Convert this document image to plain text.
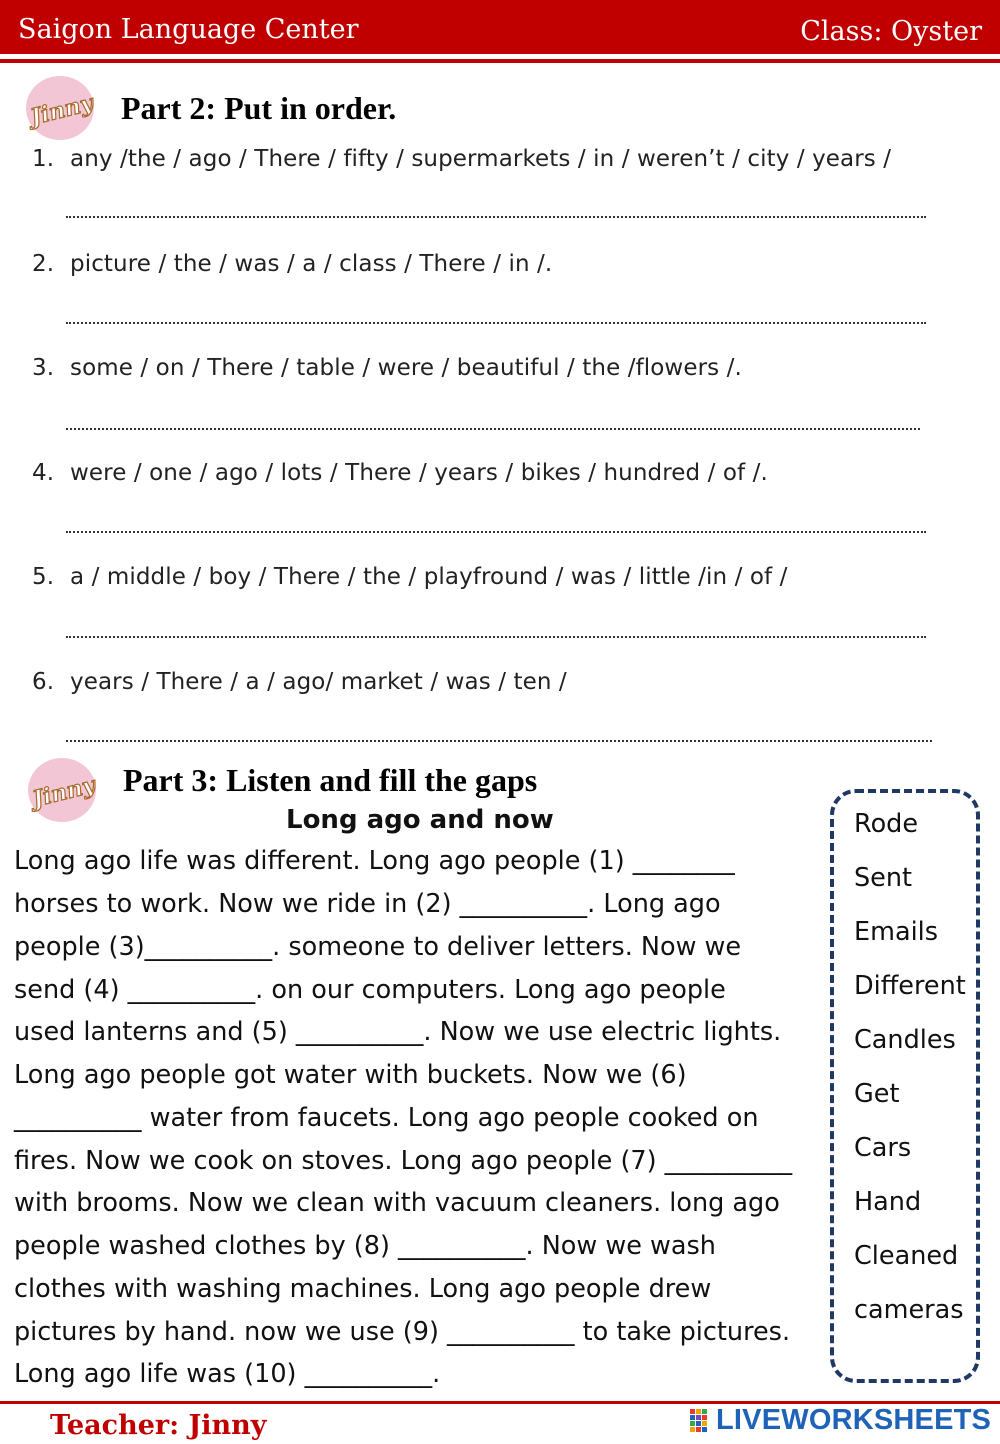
Saigon Language Center	Class: Oyster
Jinny Part 2: Put in order.
1. any /the / ago / There / fifty / supermarkets / in / weren’t / city / years /
2. picture / the / was / a / class / There / in /.
3. some / on / There / table / were / beautiful / the /flowers /.
4. were / one / ago / lots / There / years / bikes / hundred / of /.
5. a / middle / boy / There / the / playfround / was / little /in / of /
6. years / There / a / ago/ market / was / ten /
Jinny Part 3: Listen and fill the gaps
Long ago and now
Long ago life was different. Long ago people (1) ________
horses to work. Now we ride in (2) __________. Long ago
people (3)__________. someone to deliver letters. Now we
send (4) __________. on our computers. Long ago people
used lanterns and (5) __________. Now we use electric lights.
Long ago people got water with buckets. Now we (6)
__________ water from faucets. Long ago people cooked on
fires. Now we cook on stoves. Long ago people (7) __________
with brooms. Now we clean with vacuum cleaners. long ago
people washed clothes by (8) __________. Now we wash
clothes with washing machines. Long ago people drew
pictures by hand. now we use (9) __________ to take pictures.
Long ago life was (10) __________.
Rode
Sent
Emails
Different
Candles
Get
Cars
Hand
Cleaned
cameras
Teacher: Jinny	LIVEWORKSHEETS
